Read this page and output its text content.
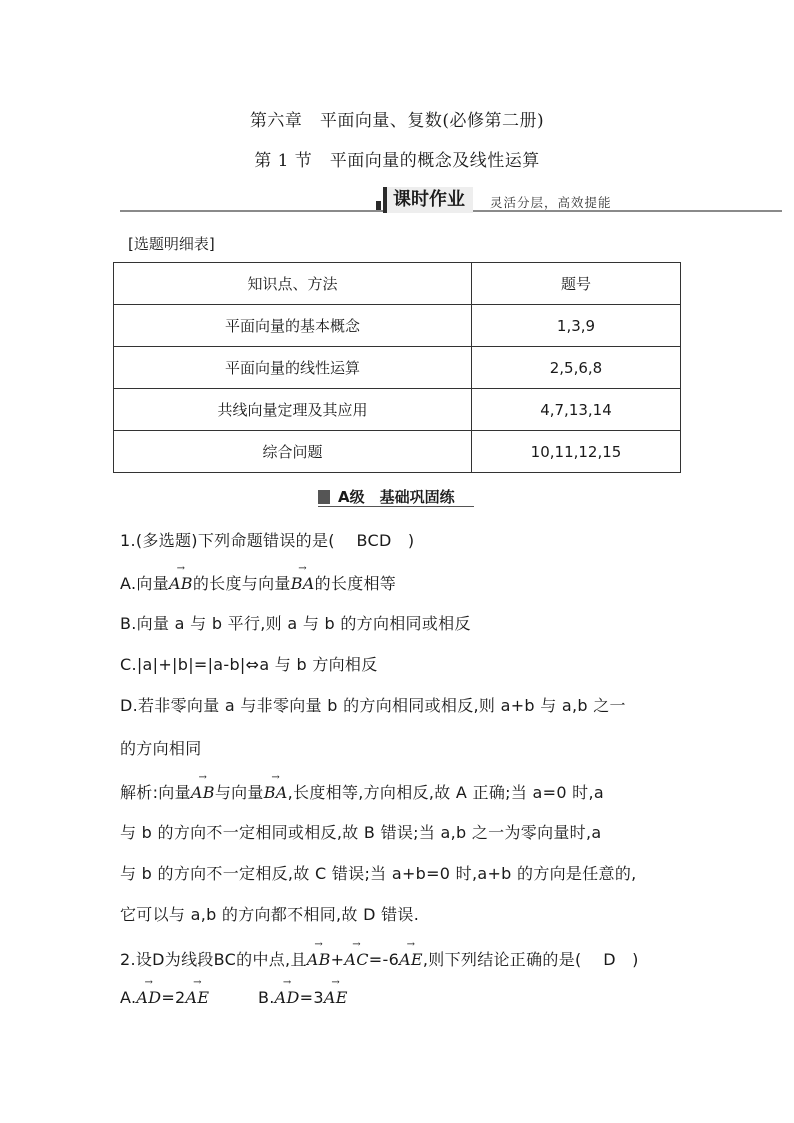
第六章　平面向量、复数(必修第二册)
第 1 节　平面向量的概念及线性运算
课时作业	灵活分层，高效提能
[选题明细表]
知识点、方法	题号
平面向量的基本概念	1,3,9
平面向量的线性运算	2,5,6,8
共线向量定理及其应用	4,7,13,14
综合问题	10,11,12,15
A级　基础巩固练
1.(多选题)下列命题错误的是(　 BCD　)
A.向量→ AB的长度与向量→ BA的长度相等
B.向量 a 与 b 平行,则 a 与 b 的方向相同或相反
C.|a|+|b|=|a-b|⇔a 与 b 方向相反
D.若非零向量 a 与非零向量 b 的方向相同或相反,则 a+b 与 a,b 之一
的方向相同
解析:向量→ AB与向量→ BA,长度相等,方向相反,故 A 正确;当 a=0 时,a
与 b 的方向不一定相同或相反,故 B 错误;当 a,b 之一为零向量时,a
与 b 的方向不一定相反,故 C 错误;当 a+b=0 时,a+b 的方向是任意的,
它可以与 a,b 的方向都不相同,故 D 错误.
2.设D为线段BC的中点,且→ AB+→ AC=-6→ AE,则下列结论正确的是(　 D　)
A.→ AD=2→ AE	B.→ AD=3→ AE
